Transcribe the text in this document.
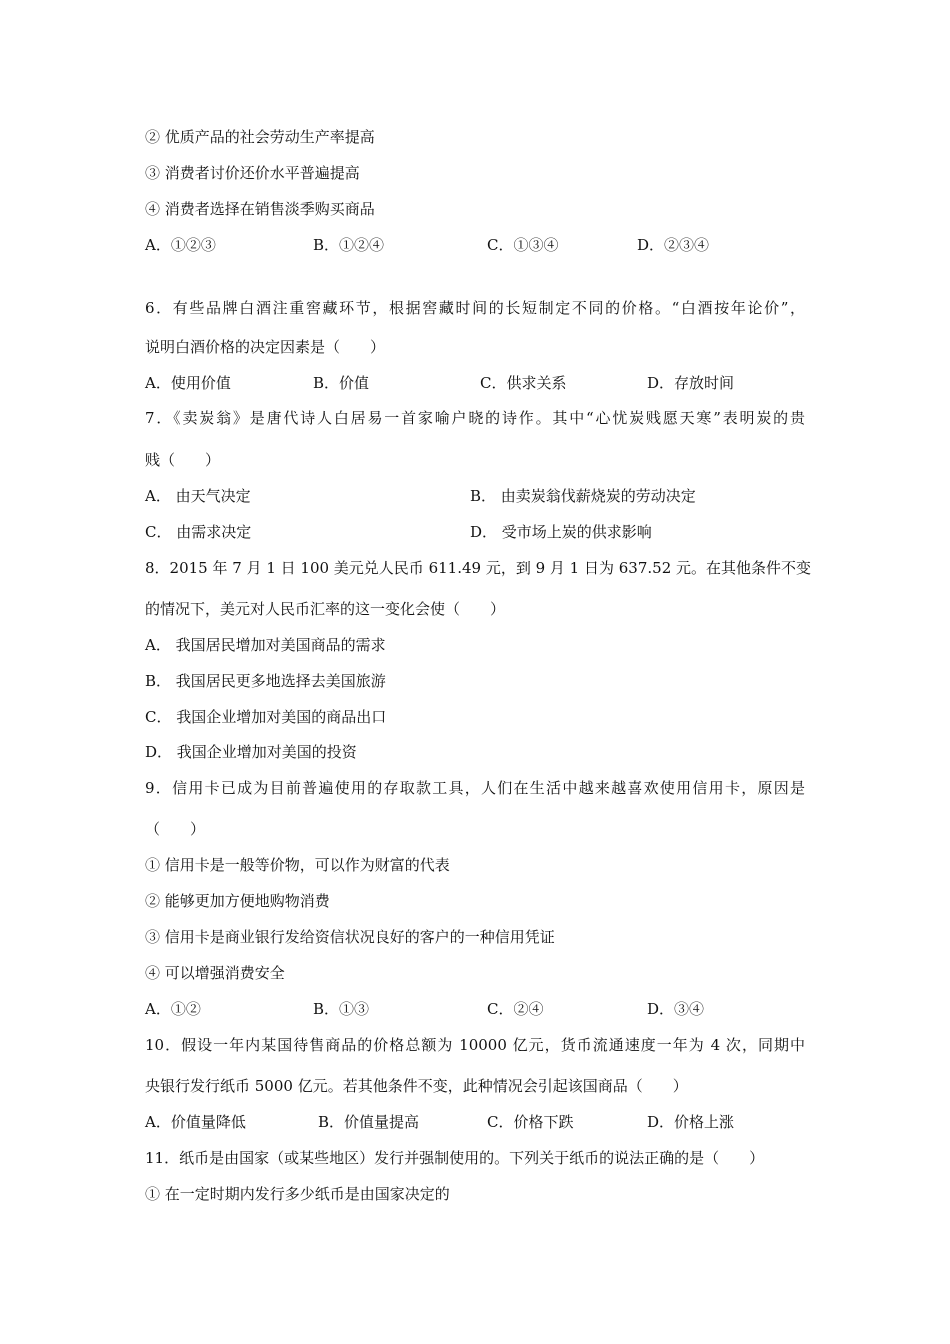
② 优质产品的社会劳动生产率提高
③ 消费者讨价还价水平普遍提高
④ 消费者选择在销售淡季购买商品
A．①②③	B．①②④	C．①③④	D．②③④
6．有些品牌白酒注重窖藏环节，根据窖藏时间的长短制定不同的价格。“白酒按年论价”，
说明白酒价格的决定因素是（　　）
A．使用价值	B．价值	C．供求关系	D．存放时间
7．《卖炭翁》是唐代诗人白居易一首家喻户晓的诗作。其中“心忧炭贱愿天寒”表明炭的贵
贱（　　）
A． 由天气决定	B． 由卖炭翁伐薪烧炭的劳动决定
C． 由需求决定	D． 受市场上炭的供求影响
8．2015 年 7 月 1 日 100 美元兑人民币 611.49 元，到 9 月 1 日为 637.52 元。在其他条件不变
的情况下，美元对人民币汇率的这一变化会使（　　）
A． 我国居民增加对美国商品的需求
B． 我国居民更多地选择去美国旅游
C． 我国企业增加对美国的商品出口
D． 我国企业增加对美国的投资
9．信用卡已成为目前普遍使用的存取款工具，人们在生活中越来越喜欢使用信用卡，原因是
（　　）
① 信用卡是一般等价物，可以作为财富的代表
② 能够更加方便地购物消费
③ 信用卡是商业银行发给资信状况良好的客户的一种信用凭证
④ 可以增强消费安全
A．①②	B．①③	C．②④	D．③④
10．假设一年内某国待售商品的价格总额为 10000 亿元，货币流通速度一年为 4 次，同期中
央银行发行纸币 5000 亿元。若其他条件不变，此种情况会引起该国商品（　　）
A．价值量降低	B．价值量提高	C．价格下跌	D．价格上涨
11．纸币是由国家（或某些地区）发行并强制使用的。下列关于纸币的说法正确的是（　　）
① 在一定时期内发行多少纸币是由国家决定的
